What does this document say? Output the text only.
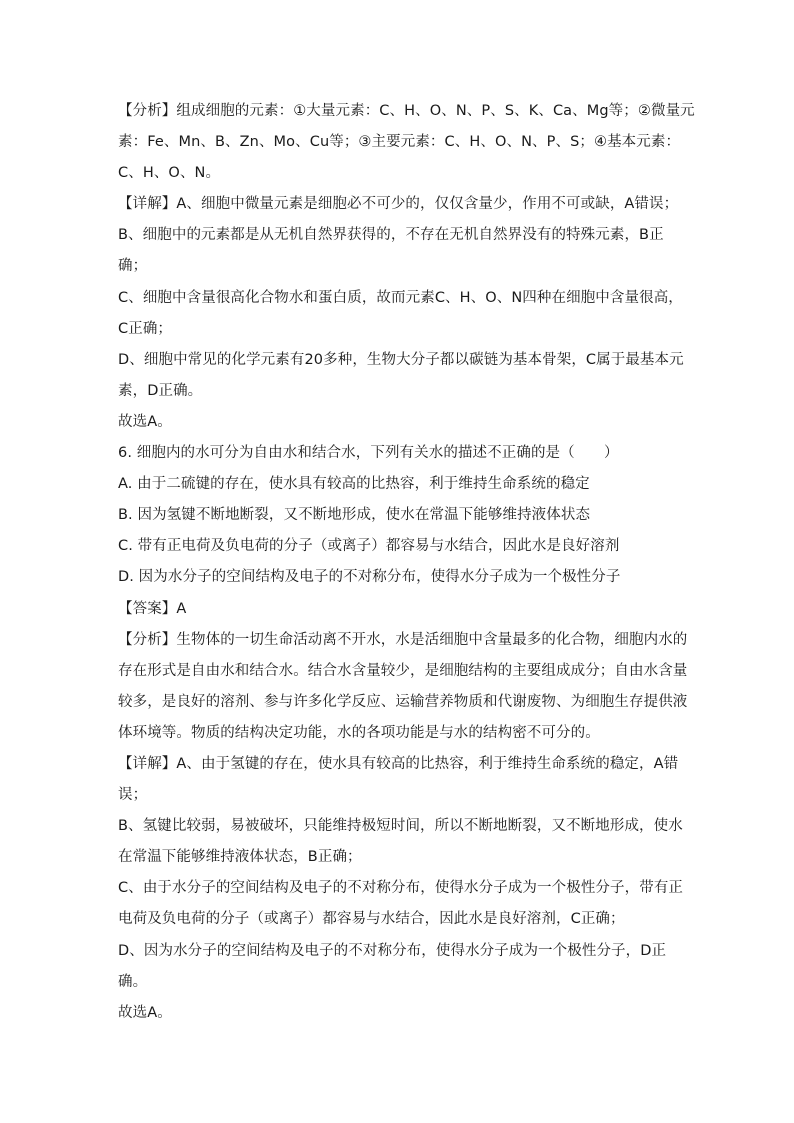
【分析】组成细胞的元素：①大量元素：C、H、O、N、P、S、K、Ca、Mg等；②微量元
素：Fe、Mn、B、Zn、Mo、Cu等；③主要元素：C、H、O、N、P、S；④基本元素：
C、H、O、N。
【详解】A、细胞中微量元素是细胞必不可少的，仅仅含量少，作用不可或缺，A错误；
B、细胞中的元素都是从无机自然界获得的，不存在无机自然界没有的特殊元素，B正
确；
C、细胞中含量很高化合物水和蛋白质，故而元素C、H、O、N四种在细胞中含量很高，
C正确；
D、细胞中常见的化学元素有20多种，生物大分子都以碳链为基本骨架，C属于最基本元
素，D正确。
故选A。
6. 细胞内的水可分为自由水和结合水，下列有关水的描述不正确的是（　　）
A. 由于二硫键的存在，使水具有较高的比热容，利于维持生命系统的稳定
B. 因为氢键不断地断裂，又不断地形成，使水在常温下能够维持液体状态
C. 带有正电荷及负电荷的分子（或离子）都容易与水结合，因此水是良好溶剂
D. 因为水分子的空间结构及电子的不对称分布，使得水分子成为一个极性分子
【答案】A
【分析】生物体的一切生命活动离不开水，水是活细胞中含量最多的化合物，细胞内水的
存在形式是自由水和结合水。结合水含量较少，是细胞结构的主要组成成分；自由水含量
较多，是良好的溶剂、参与许多化学反应、运输营养物质和代谢废物、为细胞生存提供液
体环境等。物质的结构决定功能，水的各项功能是与水的结构密不可分的。
【详解】A、由于氢键的存在，使水具有较高的比热容，利于维持生命系统的稳定，A错
误；
B、氢键比较弱，易被破坏，只能维持极短时间，所以不断地断裂，又不断地形成，使水
在常温下能够维持液体状态，B正确；
C、由于水分子的空间结构及电子的不对称分布，使得水分子成为一个极性分子，带有正
电荷及负电荷的分子（或离子）都容易与水结合，因此水是良好溶剂，C正确；
D、因为水分子的空间结构及电子的不对称分布，使得水分子成为一个极性分子，D正
确。
故选A。
